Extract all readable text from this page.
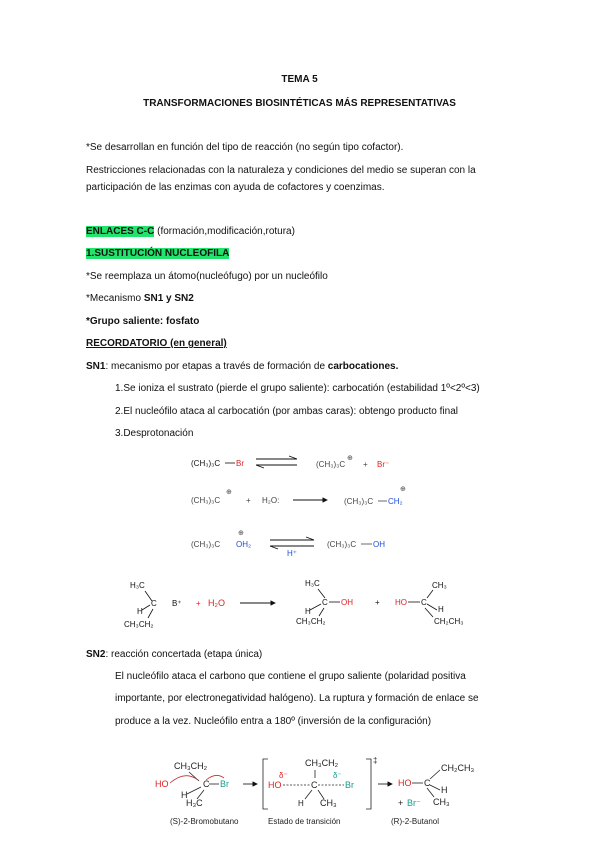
TEMA 5
TRANSFORMACIONES BIOSINTÉTICAS MÁS REPRESENTATIVAS
*Se desarrollan en función del tipo de reacción (no según tipo cofactor).
Restricciones relacionadas con la naturaleza y condiciones del medio se superan con la
participación de las enzimas con ayuda de cofactores y coenzimas.
ENLACES C-C (formación,modificación,rotura)
1.SUSTITUCIÓN NUCLEOFILA
*Se reemplaza un átomo(nucleófugo) por un nucleófilo
*Mecanismo SN1 y SN2
*Grupo saliente: fosfato
RECORDATORIO (en general)
SN1: mecanismo por etapas a través de formación de carbocationes.
1.Se ioniza el sustrato (pierde el grupo saliente): carbocatión (estabilidad 1º<2º<3)
2.El nucleófilo ataca al carbocatión (por ambas caras): obtengo producto final
3.Desprotonación
(CH₃)₃C Br	(CH₃)₃C
⊕
+ Br⁻
(CH₃)₃C
⊕
+ H₂O:	(CH₃)₃C CH₂
⊕
(CH₃)₃C
⊕
OH₂
H⁺
(CH₃)₃C OH
H₃C
C
H
CH₃CH₂
B⁺ + H₂O
H₃C
C OH
H
CH₃CH₂
+ HO C
CH₃
H
CH₂CH₃
SN2: reacción concertada (etapa única)
El nucleófilo ataca el carbono que contiene el grupo saliente (polaridad positiva
importante, por electronegatividad halógeno). La ruptura y formación de enlace se
produce a la vez. Nucleófilo entra a 180º (inversión de la configuración)
CH₃CH₂
HO	C Br
H
H₃C
‡
CH₃CH₂
δ⁻
HO	C
δ⁻
Br
H CH₃
HO C
CH₂CH₃
H
CH₃
+ Br⁻
(S)-2-Bromobutano	Estado de transición	(R)-2-Butanol
